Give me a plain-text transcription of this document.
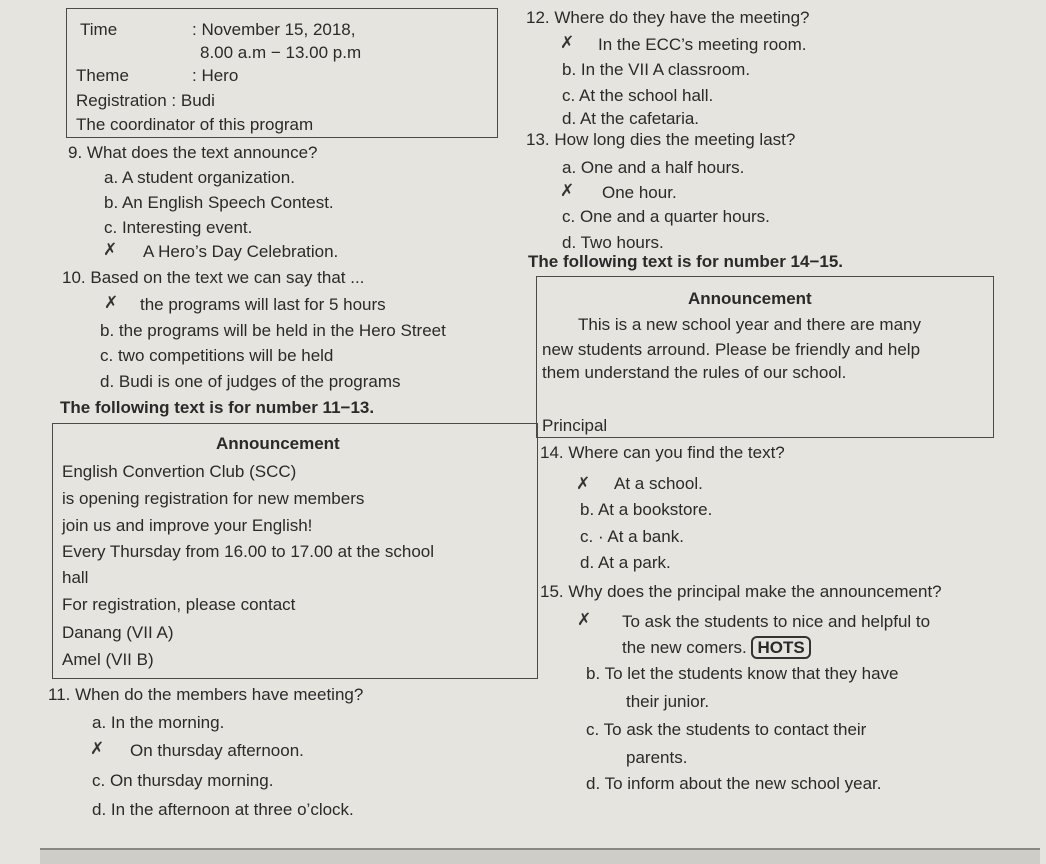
Time	: November 15, 2018,
8.00 a.m − 13.00 p.m
Theme	: Hero
Registration : Budi
The coordinator of this program
9. What does the text announce?
a. A student organization.
b. An English Speech Contest.
c. Interesting event.
✗ A Hero’s Day Celebration.
10. Based on the text we can say that ...
✗ the programs will last for 5 hours
b. the programs will be held in the Hero Street
c. two competitions will be held
d. Budi is one of judges of the programs
The following text is for number 11−13.
Announcement
English Convertion Club (SCC)
is opening registration for new members
join us and improve your English!
Every Thursday from 16.00 to 17.00 at the school
hall
For registration, please contact
Danang (VII A)
Amel (VII B)
11. When do the members have meeting?
a. In the morning.
✗ On thursday afternoon.
c. On thursday morning.
d. In the afternoon at three o’clock.
12. Where do they have the meeting?
✗ In the ECC’s meeting room.
b. In the VII A classroom.
c. At the school hall.
d. At the cafetaria.
13. How long dies the meeting last?
a. One and a half hours.
✗ One hour.
c. One and a quarter hours.
d. Two hours.
The following text is for number 14−15.
Announcement
This is a new school year and there are many
new students arround. Please be friendly and help
them understand the rules of our school.
Principal
14. Where can you find the text?
✗ At a school.
b. At a bookstore.
c. · At a bank.
d. At a park.
15. Why does the principal make the announcement?
✗ To ask the students to nice and helpful to
the new comers. HOTS
b. To let the students know that they have
their junior.
c. To ask the students to contact their
parents.
d. To inform about the new school year.
